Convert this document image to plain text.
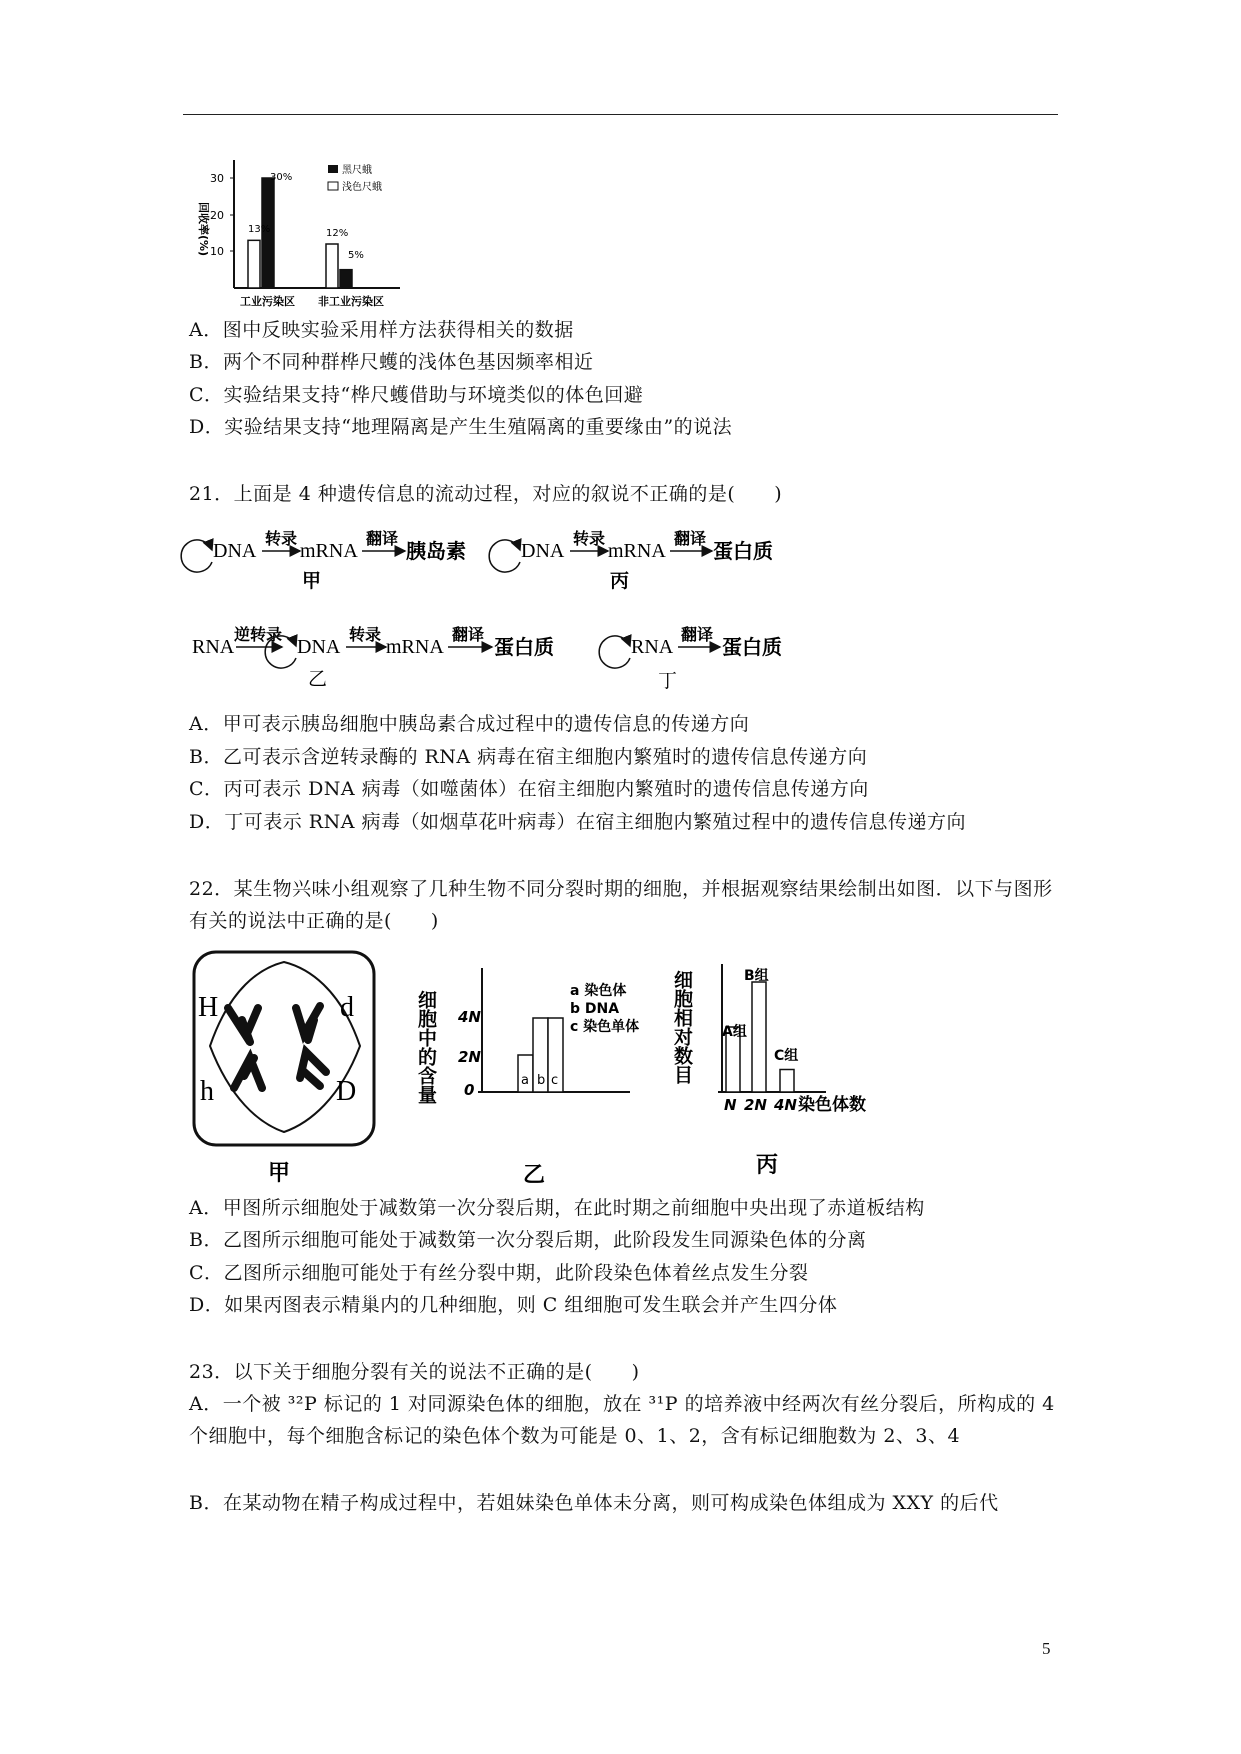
回收率(%)
30
20
10
13%
30%
12%
5%
黑尺蛾
浅色尺蛾
工业污染区 非工业污染区
A．图中反映实验采用样方法获得相关的数据
B．两个不同种群桦尺蠖的浅体色基因频率相近
C．实验结果支持“桦尺蠖借助与环境类似的体色回避
D．实验结果支持“地理隔离是产生生殖隔离的重要缘由”的说法
21．上面是 4 种遗传信息的流动过程，对应的叙说不正确的是(　　)
DNA
转录
mRNA
翻译
胰岛素
甲
DNA
转录
mRNA
翻译
蛋白质
丙
RNA
逆转录
DNA
转录
mRNA
翻译
蛋白质
乙
RNA
翻译
蛋白质
丁
A．甲可表示胰岛细胞中胰岛素合成过程中的遗传信息的传递方向
B．乙可表示含逆转录酶的 RNA 病毒在宿主细胞内繁殖时的遗传信息传递方向
C．丙可表示 DNA 病毒（如噬菌体）在宿主细胞内繁殖时的遗传信息传递方向
D．丁可表示 RNA 病毒（如烟草花叶病毒）在宿主细胞内繁殖过程中的遗传信息传递方向
22．某生物兴味小组观察了几种生物不同分裂时期的细胞，并根据观察结果绘制出如图．以下与图形有关的说法中正确的是(　　)
H	d
h	D
甲
细胞中的含量 4N
2N
0
a b c
a 染色体
b DNA
c 染色单体
乙
细胞相对数目 A组
B组
C组
N 2N 4N 染色体数
丙
A．甲图所示细胞处于减数第一次分裂后期，在此时期之前细胞中央出现了赤道板结构
B．乙图所示细胞可能处于减数第一次分裂后期，此阶段发生同源染色体的分离
C．乙图所示细胞可能处于有丝分裂中期，此阶段染色体着丝点发生分裂
D．如果丙图表示精巢内的几种细胞，则 C 组细胞可发生联会并产生四分体
23．以下关于细胞分裂有关的说法不正确的是(　　)
A．一个被 ³²P 标记的 1 对同源染色体的细胞，放在 ³¹P 的培养液中经两次有丝分裂后，所构成的 4 个细胞中，每个细胞含标记的染色体个数为可能是 0、1、2，含有标记细胞数为 2、3、4
B．在某动物在精子构成过程中，若姐妹染色单体未分离，则可构成染色体组成为 XXY 的后代
5
